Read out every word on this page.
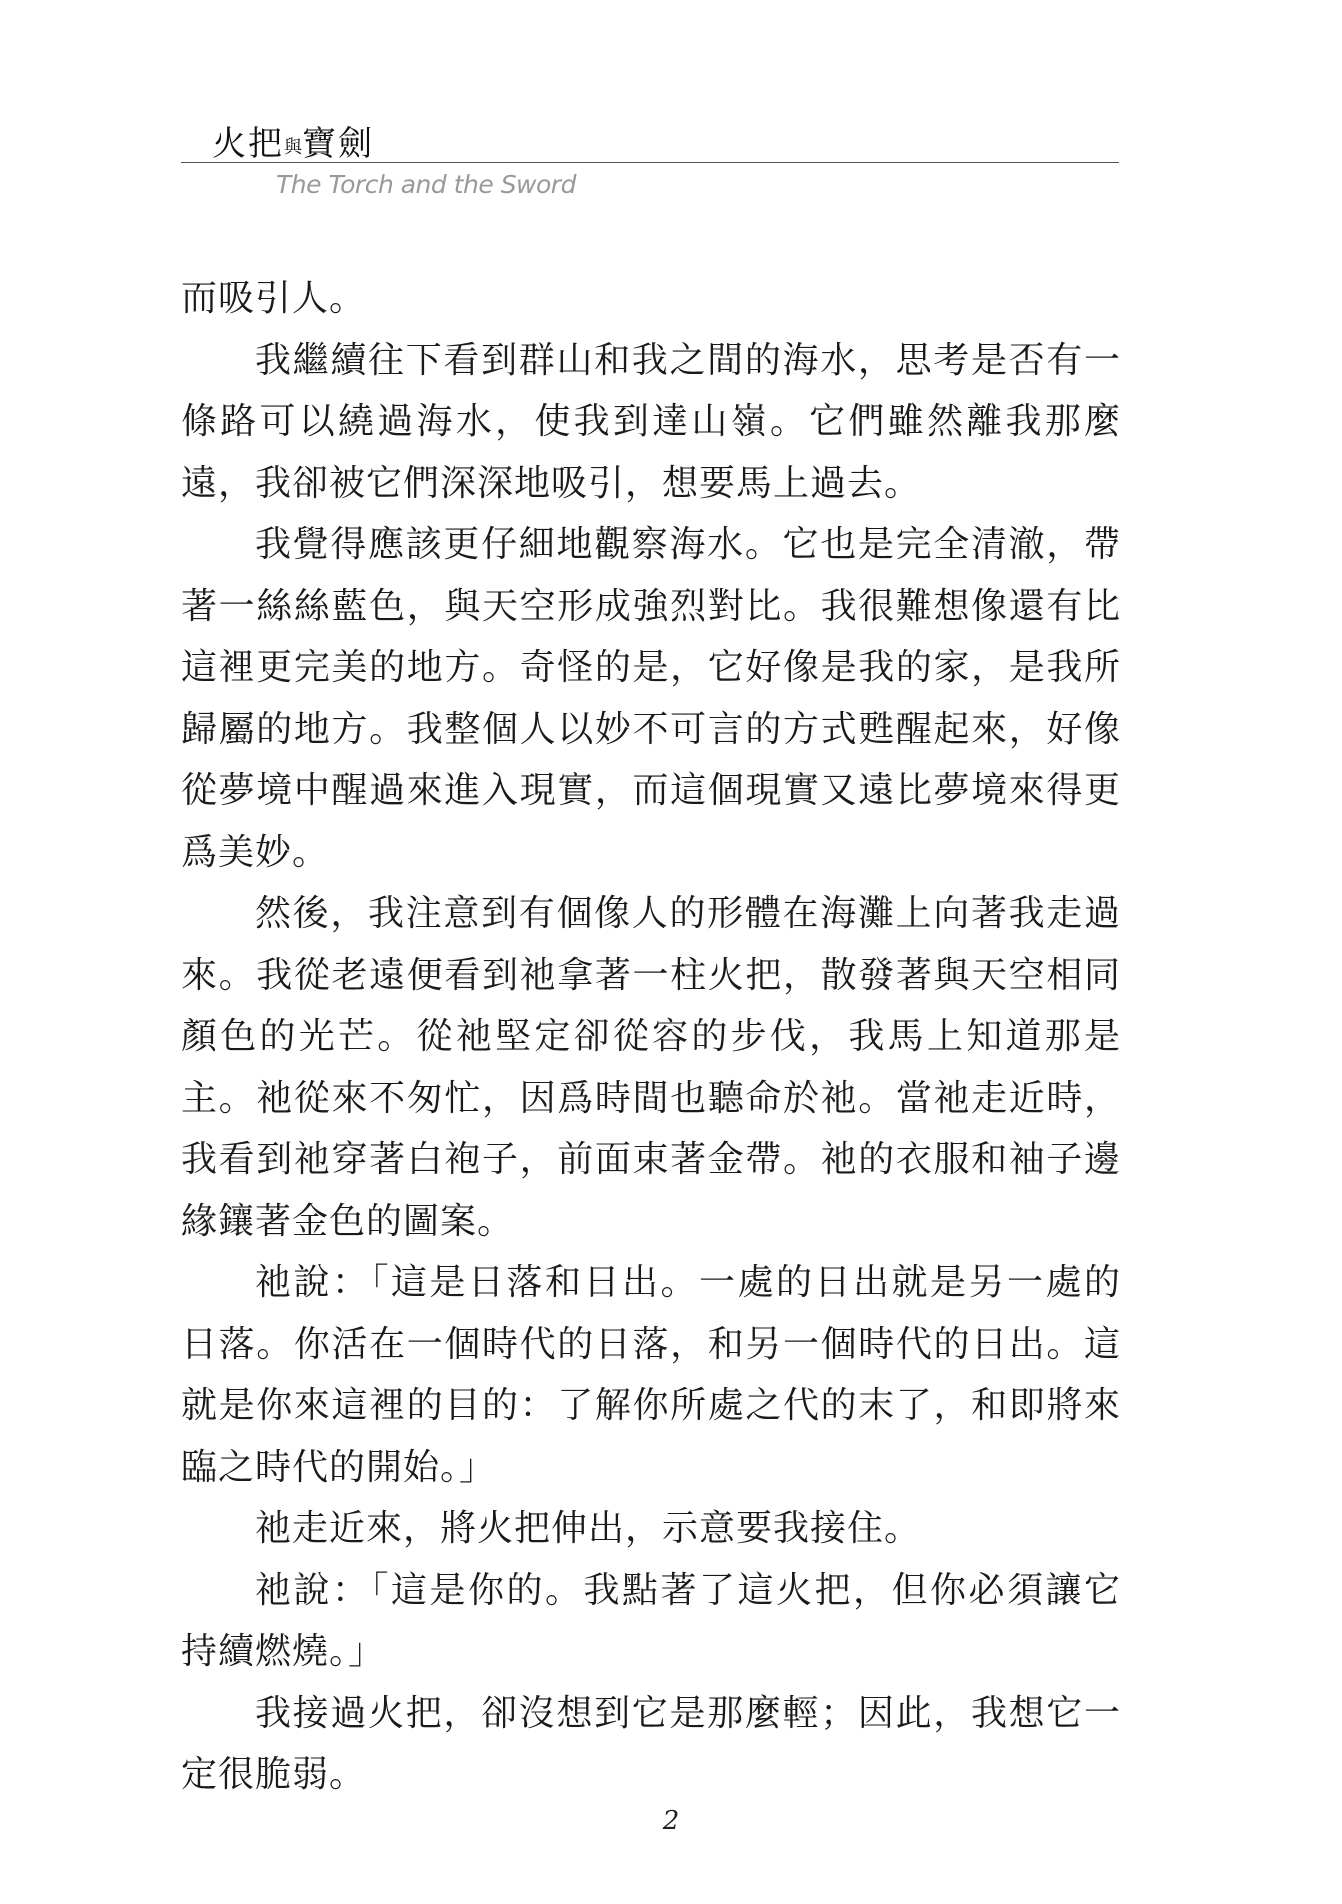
火把與寶劍
The Torch and the Sword

而吸引人。

我繼續往下看到群山和我之間的海水，思考是否有一條路可以繞過海水，使我到達山嶺。它們雖然離我那麼遠，我卻被它們深深地吸引，想要馬上過去。

我覺得應該更仔細地觀察海水。它也是完全清澈，帶著一絲絲藍色，與天空形成強烈對比。我很難想像還有比這裡更完美的地方。奇怪的是，它好像是我的家，是我所歸屬的地方。我整個人以妙不可言的方式甦醒起來，好像從夢境中醒過來進入現實，而這個現實又遠比夢境來得更爲美妙。

然後，我注意到有個像人的形體在海灘上向著我走過來。我從老遠便看到祂拿著一柱火把，散發著與天空相同顏色的光芒。從祂堅定卻從容的步伐，我馬上知道那是主。祂從來不匆忙，因爲時間也聽命於祂。當祂走近時，我看到祂穿著白袍子，前面束著金帶。祂的衣服和袖子邊緣鑲著金色的圖案。

祂說：「這是日落和日出。一處的日出就是另一處的日落。你活在一個時代的日落，和另一個時代的日出。這就是你來這裡的目的：了解你所處之代的末了，和即將來臨之時代的開始。」

祂走近來，將火把伸出，示意要我接住。

祂說：「這是你的。我點著了這火把，但你必須讓它持續燃燒。」

我接過火把，卻沒想到它是那麼輕；因此，我想它一定很脆弱。

2
